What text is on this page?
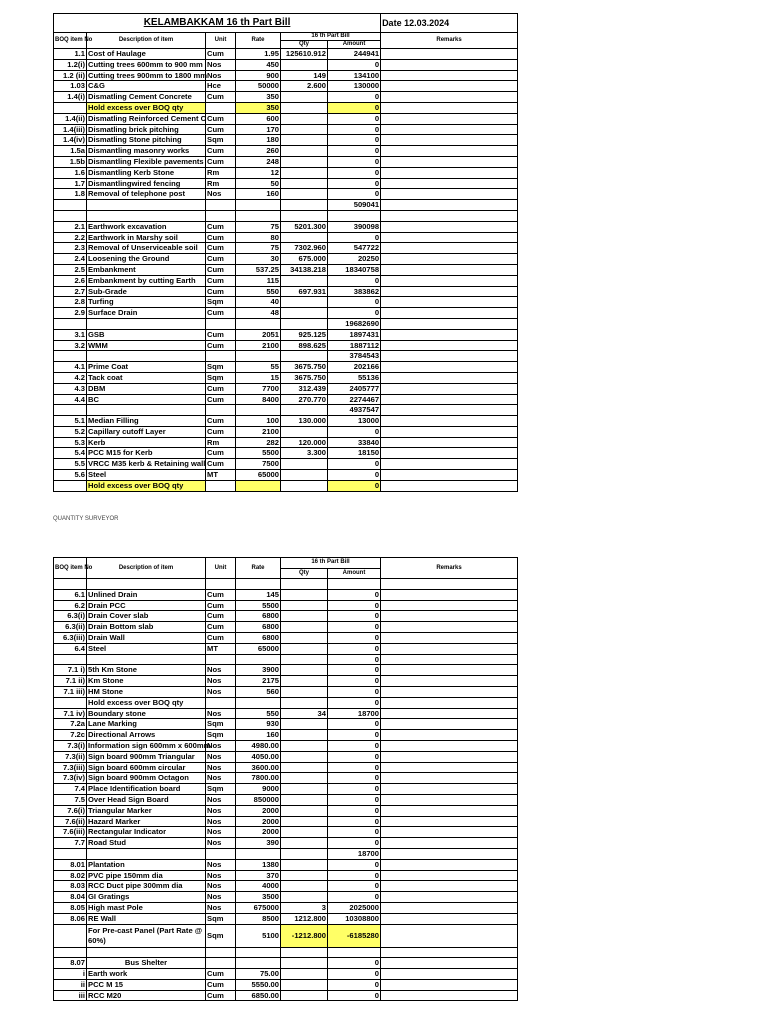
KELAMBAKKAM 16 th Part Bill						Date 12.03.2024
BOQ item No	Description of item	Unit	Rate	16 th Part Bill		Remarks
				Qty	Amount	
1.1	Cost of Haulage	Cum	1.95	125610.912	244941	
1.2(i)	Cutting trees 600mm to 900 mm	Nos	450		0	
1.2 (ii)	Cutting trees 900mm to 1800 mm	Nos	900	149	134100	
1.03	C&G	Hce	50000	2.600	130000	
1.4(i)	Dismatling Cement Concrete	Cum	350		0	
	Hold excess over BOQ qty		350		0	
1.4(ii)	Dismatling Reinforced Cement C	Cum	600		0	
1.4(iii)	Dismatling brick pitching	Cum	170		0	
1.4(iv)	Dismatling Stone pitching	Sqm	180		0	
1.5a	Dismantling masonry works	Cum	260		0	
1.5b	Dismantling Flexible pavements	Cum	248		0	
1.6	Dismantling Kerb Stone	Rm	12		0	
1.7	Dismantlingwired fencing	Rm	50		0	
1.8	Removal of telephone post	Nos	160		0	
					509041	

2.1	Earthwork excavation	Cum	75	5201.300	390098	
2.2	Earthwork in Marshy soil	Cum	80		0	
2.3	Removal of Unserviceable soil	Cum	75	7302.960	547722	
2.4	Loosening the Ground	Cum	30	675.000	20250	
2.5	Embankment	Cum	537.25	34138.218	18340758	
2.6	Embankment by cutting Earth	Cum	115		0	
2.7	Sub-Grade	Cum	550	697.931	383862	
2.8	Turfing	Sqm	40		0	
2.9	Surface Drain	Cum	48		0	
					19682690	
3.1	GSB	Cum	2051	925.125	1897431	
3.2	WMM	Cum	2100	898.625	1887112	
					3784543	
4.1	Prime Coat	Sqm	55	3675.750	202166	
4.2	Tack coat	Sqm	15	3675.750	55136	
4.3	DBM	Cum	7700	312.439	2405777	
4.4	BC	Cum	8400	270.770	2274467	
					4937547	
5.1	Median Filling	Cum	100	130.000	13000	
5.2	Capillary cutoff Layer	Cum	2100		0	
5.3	Kerb	Rm	282	120.000	33840	
5.4	PCC M15 for Kerb	Cum	5500	3.300	18150	
5.5	VRCC M35 kerb & Retaining wall	Cum	7500		0	
5.6	Steel	MT	65000		0	
	Hold excess over BOQ qty				0	
QUANTITY SURVEYOR
BOQ item No	Description of item	Unit	Rate	16 th Part Bill		Remarks
				Qty	Amount	

6.1	Unlined Drain	Cum	145		0	
6.2	Drain PCC	Cum	5500		0	
6.3(i)	Drain Cover slab	Cum	6800		0	
6.3(ii)	Drain Bottom slab	Cum	6800		0	
6.3(iii)	Drain Wall	Cum	6800		0	
6.4	Steel	MT	65000		0	
					0	
7.1 i)	5th Km Stone	Nos	3900		0	
7.1 ii)	Km Stone	Nos	2175		0	
7.1 iii)	HM Stone	Nos	560		0	
	Hold excess over BOQ qty				0	
7.1 iv)	Boundary stone	Nos	550	34	18700	
7.2a	Lane Marking	Sqm	930		0	
7.2c	Directional Arrows	Sqm	160		0	
7.3(i)	Information sign 600mm x 600mm	Nos	4980.00		0	
7.3(ii)	Sign board 900mm Triangular	Nos	4050.00		0	
7.3(iii)	Sign board 600mm circular	Nos	3600.00		0	
7.3(iv)	Sign board 900mm Octagon	Nos	7800.00		0	
7.4	Place Identification board	Sqm	9000		0	
7.5	Over Head Sign Board	Nos	850000		0	
7.6(i)	Triangular Marker	Nos	2000		0	
7.6(ii)	Hazard Marker	Nos	2000		0	
7.6(iii)	Rectangular Indicator	Nos	2000		0	
7.7	Road Stud	Nos	390		0	
					18700	
8.01	Plantation	Nos	1380		0	
8.02	PVC pipe 150mm dia	Nos	370		0	
8.03	RCC Duct pipe 300mm dia	Nos	4000		0	
8.04	GI Gratings	Nos	3500		0	
8.05	High mast Pole	Nos	675000	3	2025000	
8.06	RE Wall	Sqm	8500	1212.800	10308800	
	For Pre-cast Panel (Part Rate @ 60%)	Sqm	5100	-1212.800	-6185280	

8.07	Bus Shelter				0	
i	Earth work	Cum	75.00		0	
ii	PCC M 15	Cum	5550.00		0	
iii	RCC M20	Cum	6850.00		0	
